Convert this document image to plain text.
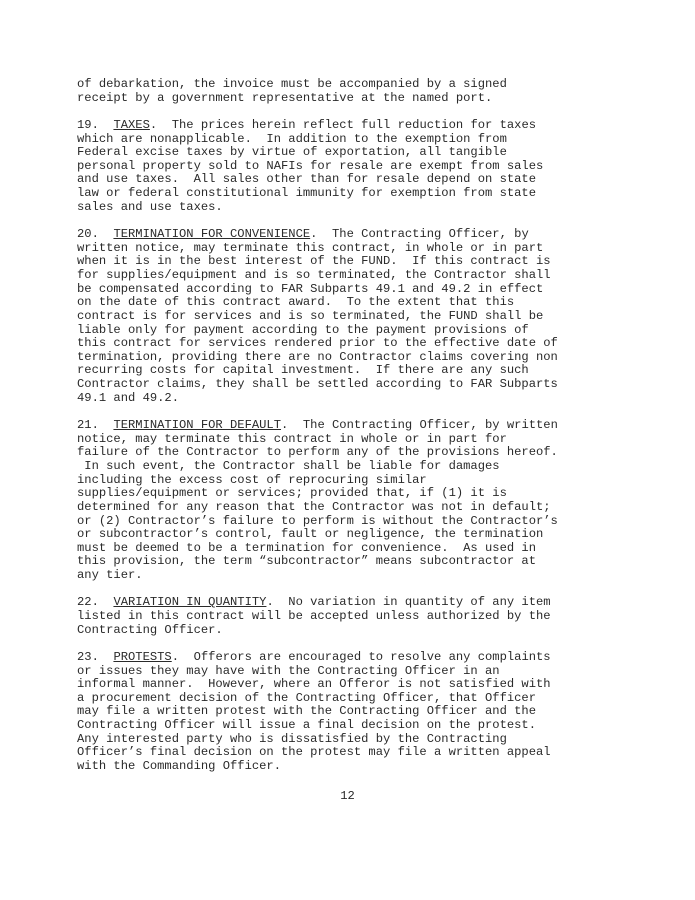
of debarkation, the invoice must be accompanied by a signed
receipt by a government representative at the named port.
19. TAXES.  The prices herein reflect full reduction for taxes
which are nonapplicable.  In addition to the exemption from
Federal excise taxes by virtue of exportation, all tangible
personal property sold to NAFIs for resale are exempt from sales
and use taxes.  All sales other than for resale depend on state
law or federal constitutional immunity for exemption from state
sales and use taxes.
20. TERMINATION FOR CONVENIENCE.  The Contracting Officer, by
written notice, may terminate this contract, in whole or in part
when it is in the best interest of the FUND.  If this contract is
for supplies/equipment and is so terminated, the Contractor shall
be compensated according to FAR Subparts 49.1 and 49.2 in effect
on the date of this contract award.  To the extent that this
contract is for services and is so terminated, the FUND shall be
liable only for payment according to the payment provisions of
this contract for services rendered prior to the effective date of
termination, providing there are no Contractor claims covering non
recurring costs for capital investment.  If there are any such
Contractor claims, they shall be settled according to FAR Subparts
49.1 and 49.2.
21. TERMINATION FOR DEFAULT.  The Contracting Officer, by written
notice, may terminate this contract in whole or in part for
failure of the Contractor to perform any of the provisions hereof.
In such event, the Contractor shall be liable for damages
including the excess cost of reprocuring similar
supplies/equipment or services; provided that, if (1) it is
determined for any reason that the Contractor was not in default;
or (2) Contractor’s failure to perform is without the Contractor’s
or subcontractor’s control, fault or negligence, the termination
must be deemed to be a termination for convenience.  As used in
this provision, the term “subcontractor” means subcontractor at
any tier.
22. VARIATION IN QUANTITY.  No variation in quantity of any item
listed in this contract will be accepted unless authorized by the
Contracting Officer.
23. PROTESTS.  Offerors are encouraged to resolve any complaints
or issues they may have with the Contracting Officer in an
informal manner.  However, where an Offeror is not satisfied with
a procurement decision of the Contracting Officer, that Officer
may file a written protest with the Contracting Officer and the
Contracting Officer will issue a final decision on the protest.
Any interested party who is dissatisfied by the Contracting
Officer’s final decision on the protest may file a written appeal
with the Commanding Officer.
12
